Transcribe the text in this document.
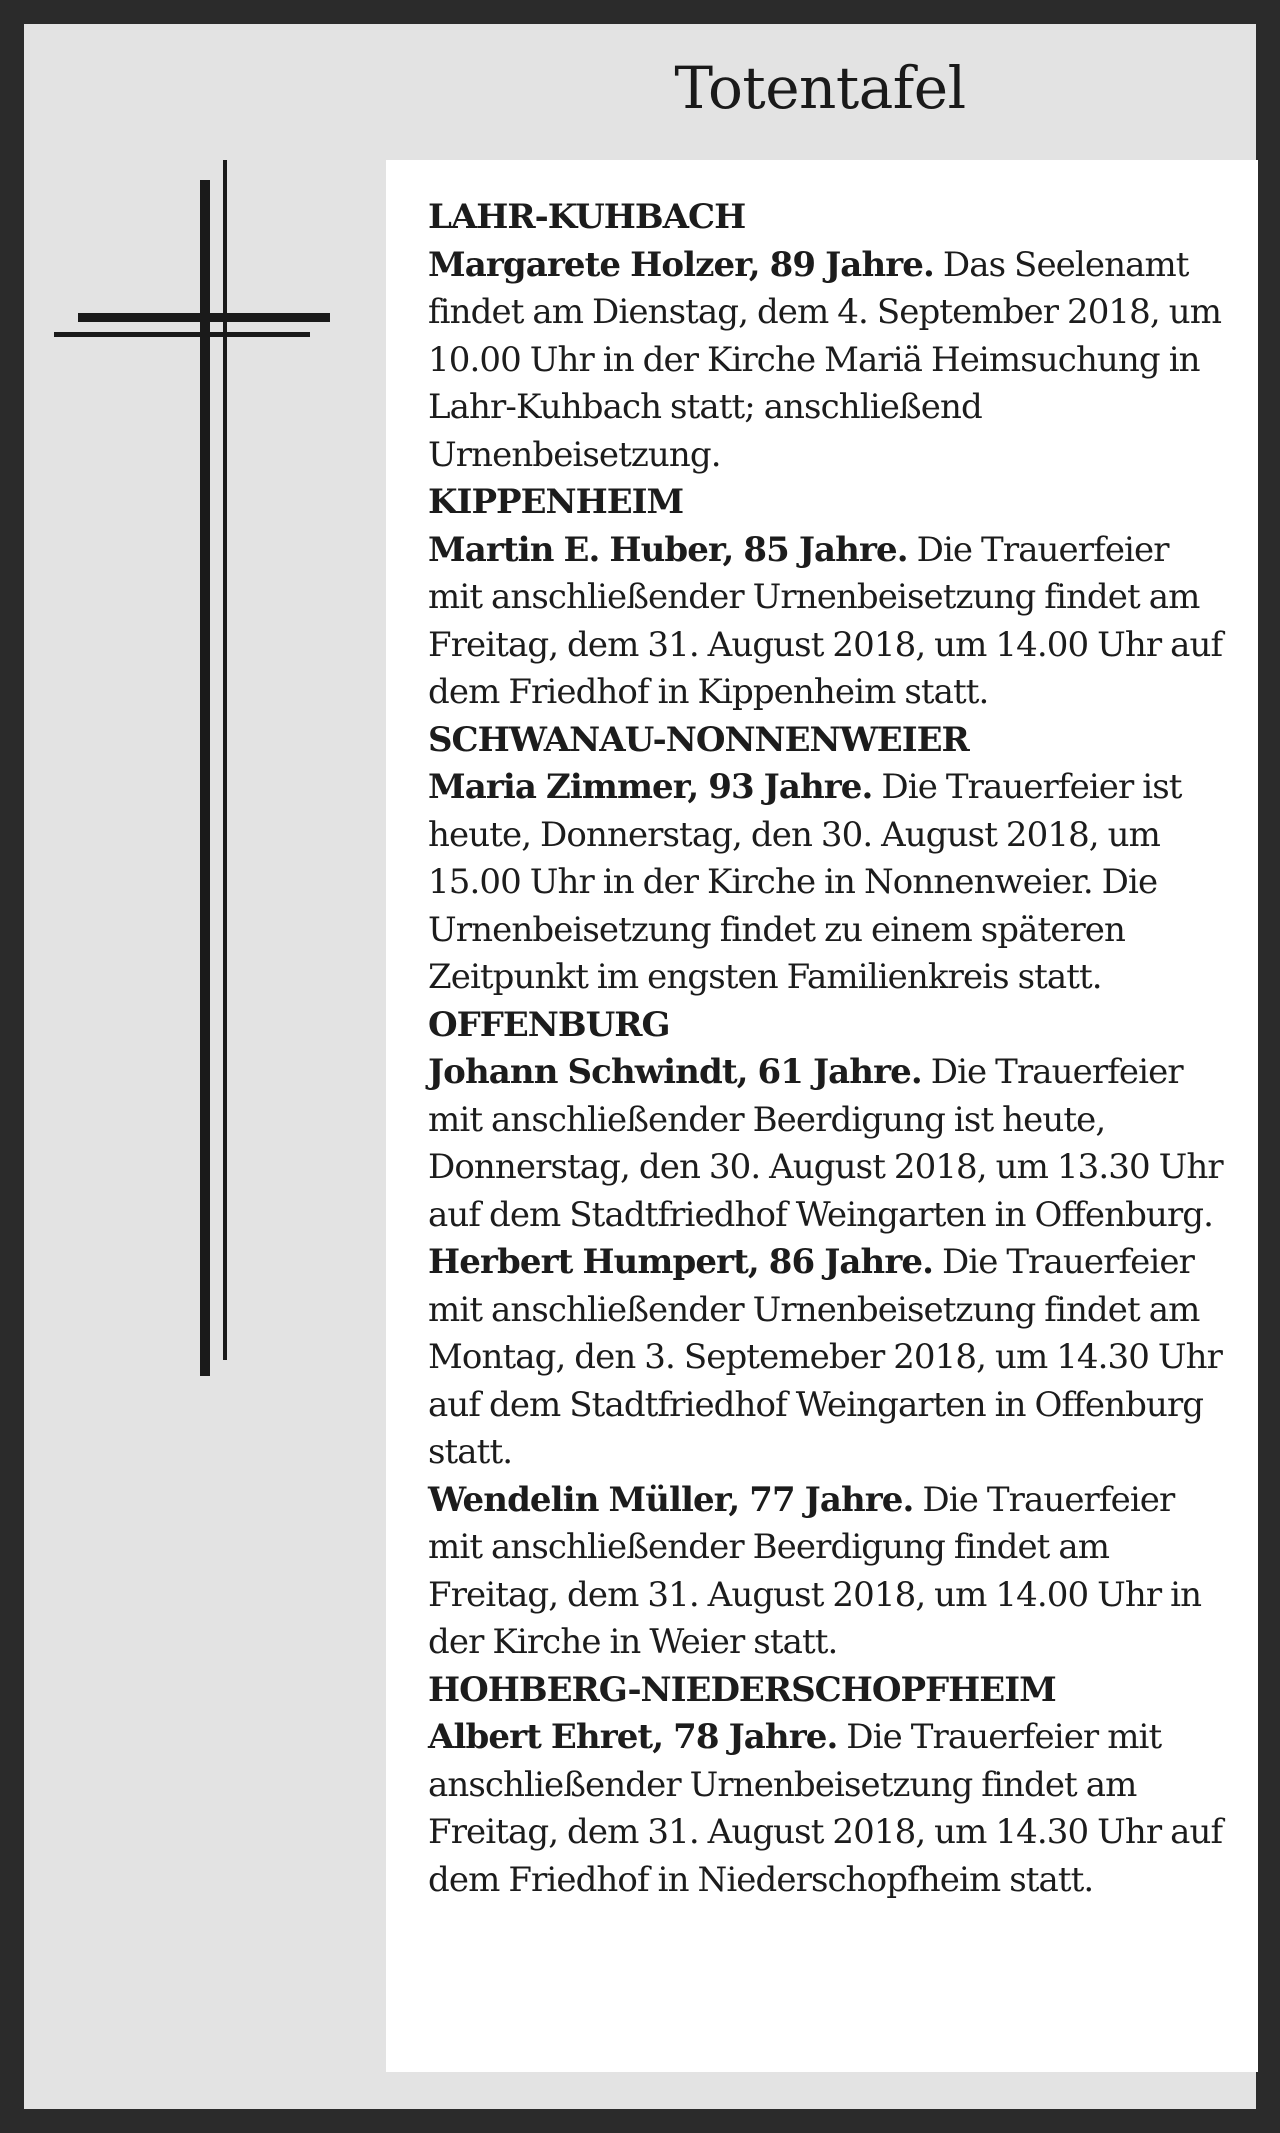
Totentafel
LAHR-KUHBACH

Margarete Holzer, 89 Jahre. Das Seelenamt findet am Dienstag, dem 4. September 2018, um 10.00 Uhr in der Kirche Mariä Heimsuchung in Lahr-Kuhbach statt; anschließend Urnenbeisetzung.

KIPPENHEIM

Martin E. Huber, 85 Jahre. Die Trauerfeier mit anschließender Urnenbeisetzung findet am Freitag, dem 31. August 2018, um 14.00 Uhr auf dem Friedhof in Kippenheim statt.

SCHWANAU-NONNENWEIER

Maria Zimmer, 93 Jahre. Die Trauerfeier ist heute, Donnerstag, den 30. August 2018, um 15.00 Uhr in der Kirche in Nonnenweier. Die Urnenbeisetzung findet zu einem späteren Zeitpunkt im engsten Familienkreis statt.

OFFENBURG

Johann Schwindt, 61 Jahre. Die Trauerfeier mit anschließender Beerdigung ist heute, Donnerstag, den 30. August 2018, um 13.30 Uhr auf dem Stadtfriedhof Weingarten in Offenburg.

Herbert Humpert, 86 Jahre. Die Trauerfeier mit anschließender Urnenbeisetzung findet am Montag, den 3. Septemeber 2018, um 14.30 Uhr auf dem Stadtfriedhof Weingarten in Offenburg statt.

Wendelin Müller, 77 Jahre. Die Trauerfeier mit anschließender Beerdigung findet am Freitag, dem 31. August 2018, um 14.00 Uhr in der Kirche in Weier statt.

HOHBERG-NIEDERSCHOPFHEIM

Albert Ehret, 78 Jahre. Die Trauerfeier mit anschließender Urnenbeisetzung findet am Freitag, dem 31. August 2018, um 14.30 Uhr auf dem Friedhof in Niederschopfheim statt.
